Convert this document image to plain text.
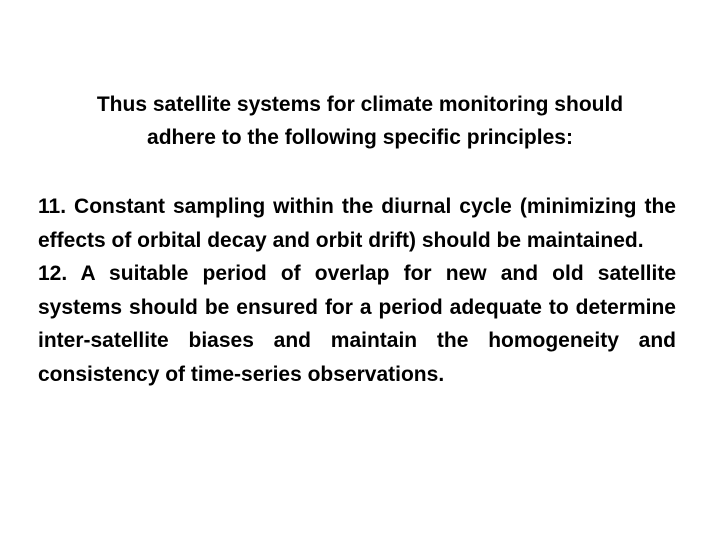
Thus satellite systems for climate monitoring should
adhere to the following specific principles:

11. Constant sampling within the diurnal cycle (minimizing the effects of orbital decay and orbit drift) should be maintained.

12. A suitable period of overlap for new and old satellite systems should be ensured for a period adequate to determine inter-satellite biases and maintain the homogeneity and consistency of time-series observations.
